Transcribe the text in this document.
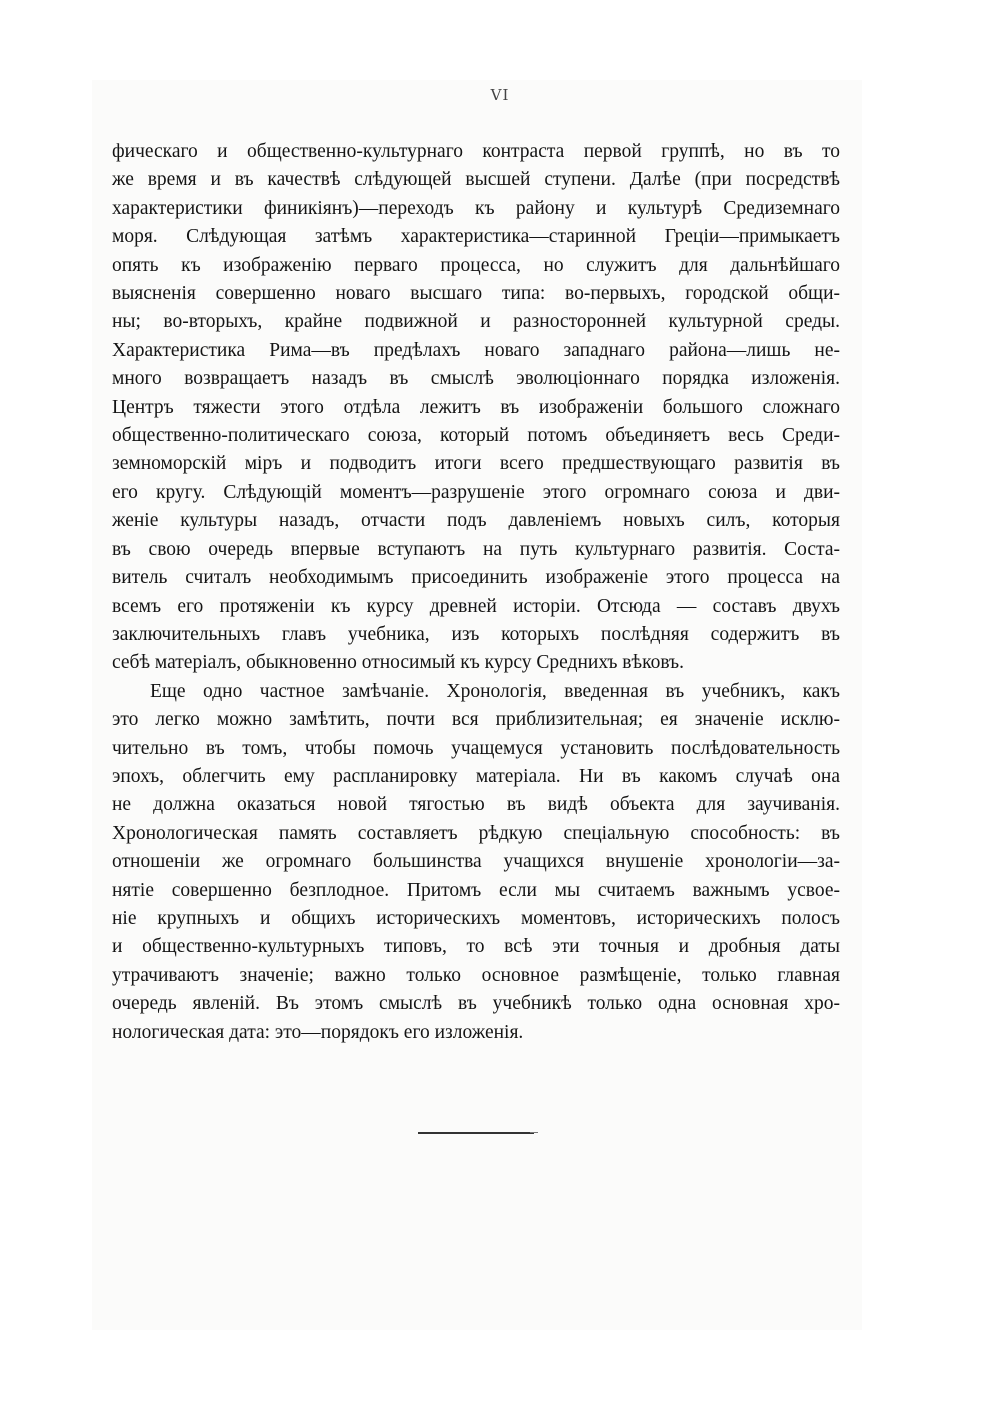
VI
фическаго и общественно-культурнаго контраста первой группѣ, но въ то
же время и въ качествѣ слѣдующей высшей ступени. Далѣе (при посредствѣ
характеристики финикіянъ)—переходъ къ району и культурѣ Средиземнаго
моря. Слѣдующая затѣмъ характеристика—старинной Греціи—примыкаетъ
опять къ изображенію перваго процесса, но служитъ для дальнѣйшаго
выясненія совершенно новаго высшаго типа: во-первыхъ, городской общи-
ны; во-вторыхъ, крайне подвижной и разносторонней культурной среды.
Характеристика Рима—въ предѣлахъ новаго западнаго района—лишь не-
много возвращаетъ назадъ въ смыслѣ эволюціоннаго порядка изложенія.
Центръ тяжести этого отдѣла лежитъ въ изображеніи большого сложнаго
общественно-политическаго союза, который потомъ объединяетъ весь Среди-
земноморскій міръ и подводитъ итоги всего предшествующаго развитія въ
его кругу. Слѣдующій моментъ—разрушеніе этого огромнаго союза и дви-
женіе культуры назадъ, отчасти подъ давленіемъ новыхъ силъ, которыя
въ свою очередь впервые вступаютъ на путь культурнаго развитія. Соста-
витель считалъ необходимымъ присоединить изображеніе этого процесса на
всемъ его протяженіи къ курсу древней исторіи. Отсюда — составъ двухъ
заключительныхъ главъ учебника, изъ которыхъ послѣдняя содержитъ въ
себѣ матеріалъ, обыкновенно относимый къ курсу Среднихъ вѣковъ.
Еще одно частное замѣчаніе. Хронологія, введенная въ учебникъ, какъ
это легко можно замѣтить, почти вся приблизительная; ея значеніе исклю-
чительно въ томъ, чтобы помочь учащемуся установить послѣдовательность
эпохъ, облегчить ему распланировку матеріала. Ни въ какомъ случаѣ она
не должна оказаться новой тягостью въ видѣ объекта для заучиванія.
Хронологическая память составляетъ рѣдкую спеціальную способность: въ
отношеніи же огромнаго большинства учащихся внушеніе хронологіи—за-
нятіе совершенно безплодное. Притомъ если мы считаемъ важнымъ усвое-
ніе крупныхъ и общихъ историческихъ моментовъ, историческихъ полосъ
и общественно-культурныхъ типовъ, то всѣ эти точныя и дробныя даты
утрачиваютъ значеніе; важно только основное размѣщеніе, только главная
очередь явленій. Въ этомъ смыслѣ въ учебникѣ только одна основная хро-
нологическая дата: это—порядокъ его изложенія.
